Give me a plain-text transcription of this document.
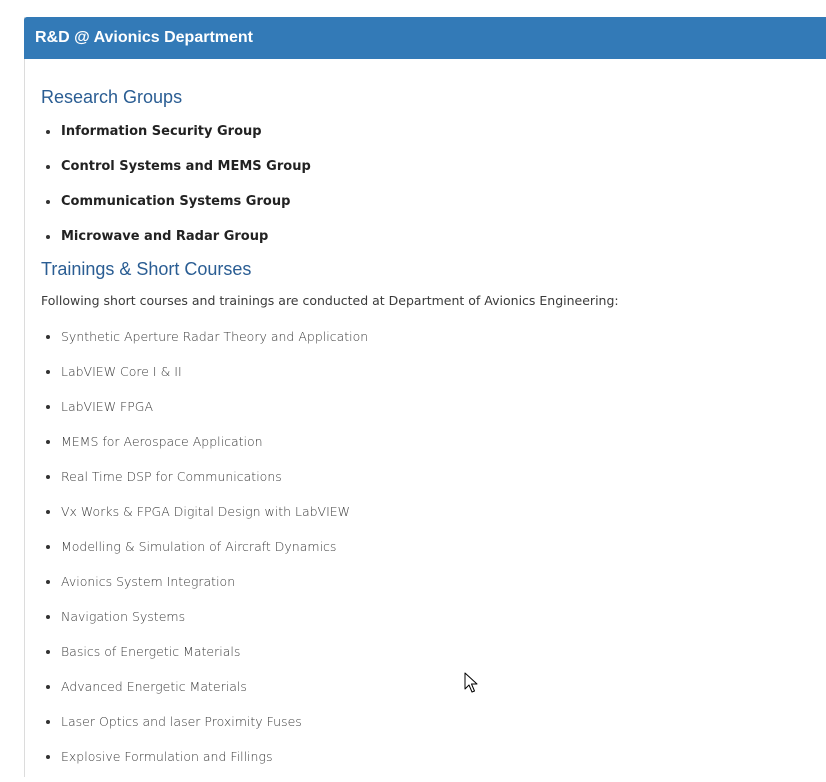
R&D @ Avionics Department
Research Groups
Information Security Group
Control Systems and MEMS Group
Communication Systems Group
Microwave and Radar Group
Trainings & Short Courses
Following short courses and trainings are conducted at Department of Avionics Engineering:
Synthetic Aperture Radar Theory and Application
LabVIEW Core I & II
LabVIEW FPGA
MEMS for Aerospace Application
Real Time DSP for Communications
Vx Works & FPGA Digital Design with LabVIEW
Modelling & Simulation of Aircraft Dynamics
Avionics System Integration
Navigation Systems
Basics of Energetic Materials
Advanced Energetic Materials
Laser Optics and laser Proximity Fuses
Explosive Formulation and Fillings
